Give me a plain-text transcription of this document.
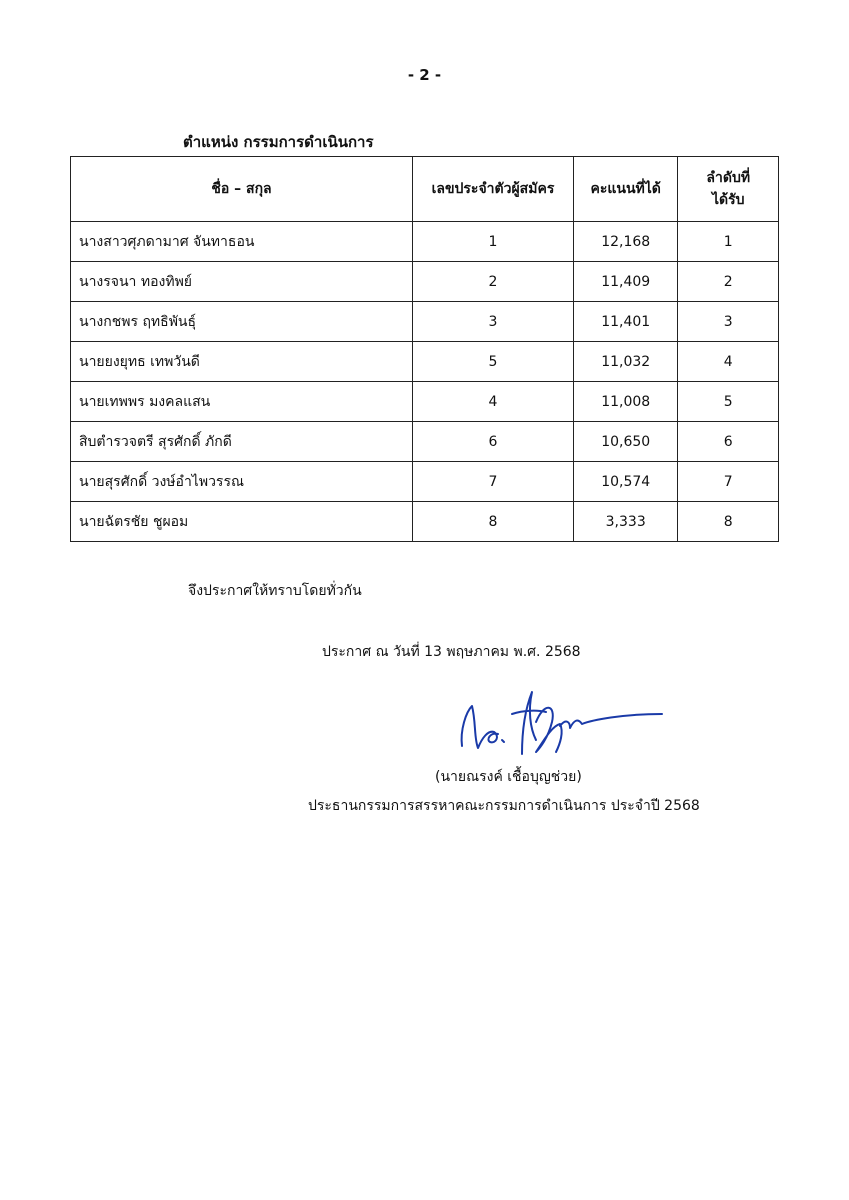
- 2 -
ตำแหน่ง กรรมการดำเนินการ
ชื่อ – สกุล	เลขประจำตัวผู้สมัคร	คะแนนที่ได้	ลำดับที่
ได้รับ

นางสาวศุภดามาศ จันทาธอน	1	12,168	1
นางรจนา ทองทิพย์	2	11,409	2
นางกชพร ฤทธิพันธุ์	3	11,401	3
นายยงยุทธ เทพวันดี	5	11,032	4
นายเทพพร มงคลแสน	4	11,008	5
สิบตำรวจตรี สุรศักดิ์ ภักดี	6	10,650	6
นายสุรศักดิ์ วงษ์อำไพวรรณ	7	10,574	7
นายฉัตรชัย ชูผอม	8	3,333	8
จึงประกาศให้ทราบโดยทั่วกัน
ประกาศ ณ วันที่ 13 พฤษภาคม พ.ศ. 2568
(นายณรงค์ เชื้อบุญช่วย)
ประธานกรรมการสรรหาคณะกรรมการดำเนินการ ประจำปี 2568
